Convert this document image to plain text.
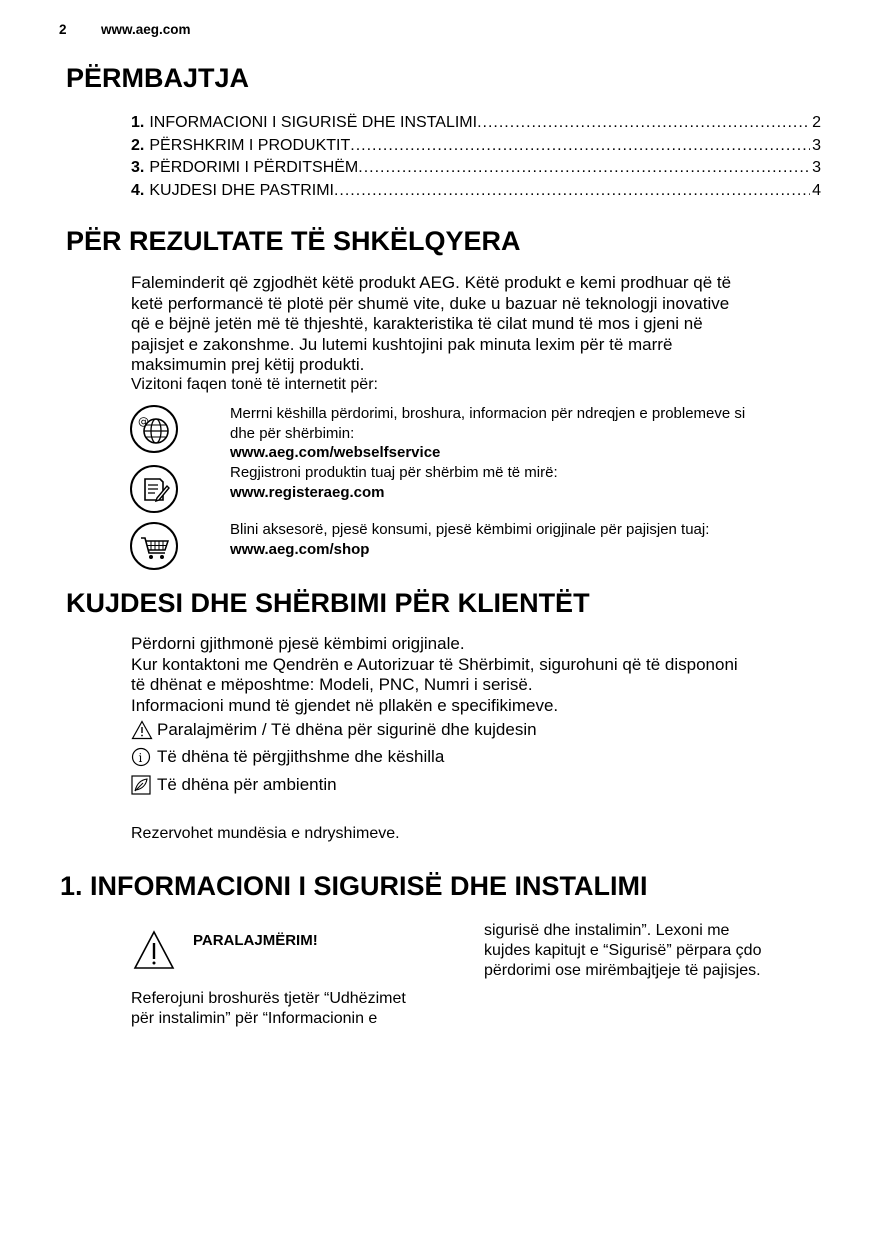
2	www.aeg.com
PËRMBAJTJA
1. INFORMACIONI I SIGURISË DHE INSTALIMI .....	2
2. PËRSHKRIM I PRODUKTIT .....	3
3. PËRDORIMI I PËRDITSHËM .....	3
4. KUJDESI DHE PASTRIMI .....	4
PËR REZULTATE TË SHKËLQYERA
Faleminderit që zgjodhët këtë produkt AEG. Këtë produkt e kemi prodhuar që të
ketë performancë të plotë për shumë vite, duke u bazuar në teknologji inovative
që e bëjnë jetën më të thjeshtë, karakteristika të cilat mund të mos i gjeni në
pajisjet e zakonshme. Ju lutemi kushtojini pak minuta lexim për të marrë
maksimumin prej këtij produkti.
Vizitoni faqen tonë të internetit për:
@	Merrni këshilla përdorimi, broshura, informacion për ndreqjen e problemeve si
dhe për shërbimin:
www.aeg.com/webselfservice
Regjistroni produktin tuaj për shërbim më të mirë:
www.registeraeg.com
Blini aksesorë, pjesë konsumi, pjesë këmbimi origjinale për pajisjen tuaj:
www.aeg.com/shop
KUJDESI DHE SHËRBIMI PËR KLIENTËT
Përdorni gjithmonë pjesë këmbimi origjinale.
Kur kontaktoni me Qendrën e Autorizuar të Shërbimit, sigurohuni që të dispononi
të dhënat e mëposhtme: Modeli, PNC, Numri i serisë.
Informacioni mund të gjendet në pllakën e specifikimeve.
Paralajmërim / Të dhëna për sigurinë dhe kujdesin
i Të dhëna të përgjithshme dhe këshilla
Të dhëna për ambientin
Rezervohet mundësia e ndryshimeve.
1. INFORMACIONI I SIGURISË DHE INSTALIMI
PARALAJMËRIM!
Referojuni broshurës tjetër “Udhëzimet
për instalimin” për “Informacionin e
sigurisë dhe instalimin”. Lexoni me
kujdes kapitujt e “Sigurisë” përpara çdo
përdorimi ose mirëmbajtjeje të pajisjes.
